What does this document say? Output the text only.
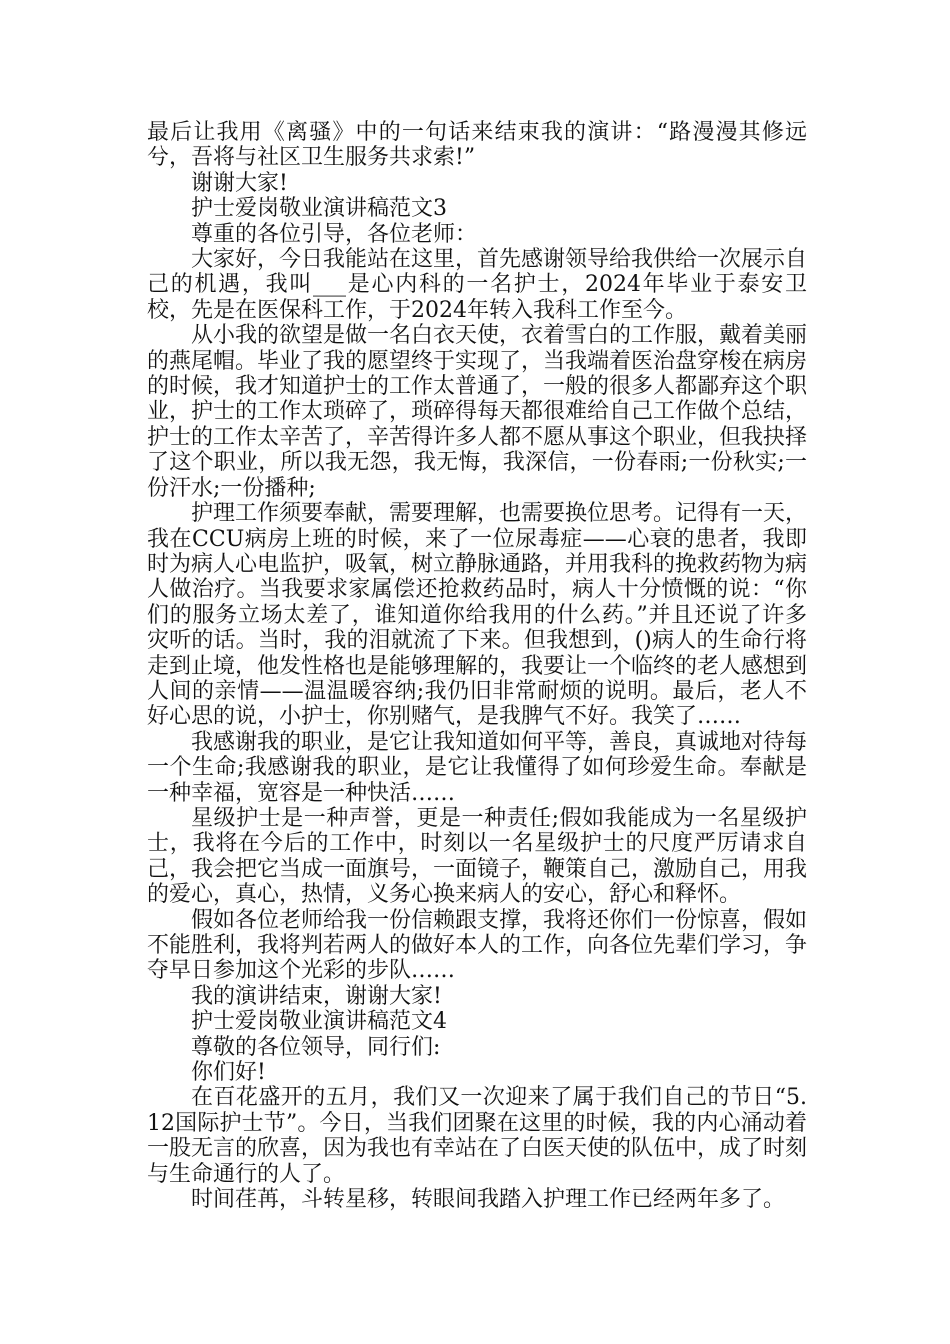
最后让我用《离骚》中的一句话来结束我的演讲：“路漫漫其修远兮，吾将与社区卫生服务共求索!”

谢谢大家!

护士爱岗敬业演讲稿范文3

尊重的各位引导，各位老师：

大家好，今日我能站在这里，首先感谢领导给我供给一次展示自己的机遇，我叫___是心内科的一名护士，2024年毕业于泰安卫校，先是在医保科工作，于2024年转入我科工作至今。

从小我的欲望是做一名白衣天使，衣着雪白的工作服，戴着美丽的燕尾帽。毕业了我的愿望终于实现了，当我端着医治盘穿梭在病房的时候，我才知道护士的工作太普通了，一般的很多人都鄙弃这个职业，护士的工作太琐碎了，琐碎得每天都很难给自己工作做个总结，护士的工作太辛苦了，辛苦得许多人都不愿从事这个职业，但我抉择了这个职业，所以我无怨，我无悔，我深信，一份春雨;一份秋实;一份汗水;一份播种;

护理工作须要奉献，需要理解，也需要换位思考。记得有一天，我在CCU病房上班的时候，来了一位尿毒症——心衰的患者，我即时为病人心电监护，吸氧，树立静脉通路，并用我科的挽救药物为病人做治疗。当我要求家属偿还抢救药品时，病人十分愤慨的说：“你们的服务立场太差了，谁知道你给我用的什么药。”并且还说了许多灾听的话。当时，我的泪就流了下来。但我想到，()病人的生命行将走到止境，他发性格也是能够理解的，我要让一个临终的老人感想到人间的亲情——温温暖容纳;我仍旧非常耐烦的说明。最后，老人不好心思的说，小护士，你别赌气，是我脾气不好。我笑了……

我感谢我的职业，是它让我知道如何平等，善良，真诚地对待每一个生命;我感谢我的职业，是它让我懂得了如何珍爱生命。奉献是一种幸福，宽容是一种快活……

星级护士是一种声誉，更是一种责任;假如我能成为一名星级护士，我将在今后的工作中，时刻以一名星级护士的尺度严厉请求自己，我会把它当成一面旗号，一面镜子，鞭策自己，激励自己，用我的爱心，真心，热情，义务心换来病人的安心，舒心和释怀。

假如各位老师给我一份信赖跟支撑，我将还你们一份惊喜，假如不能胜利，我将判若两人的做好本人的工作，向各位先辈们学习，争夺早日参加这个光彩的步队……

我的演讲结束，谢谢大家!

护士爱岗敬业演讲稿范文4

尊敬的各位领导，同行们:

你们好!

在百花盛开的五月，我们又一次迎来了属于我们自己的节日“5.12国际护士节”。今日，当我们团聚在这里的时候，我的内心涌动着一股无言的欣喜，因为我也有幸站在了白医天使的队伍中，成了时刻与生命通行的人了。

时间荏苒，斗转星移，转眼间我踏入护理工作已经两年多了。
